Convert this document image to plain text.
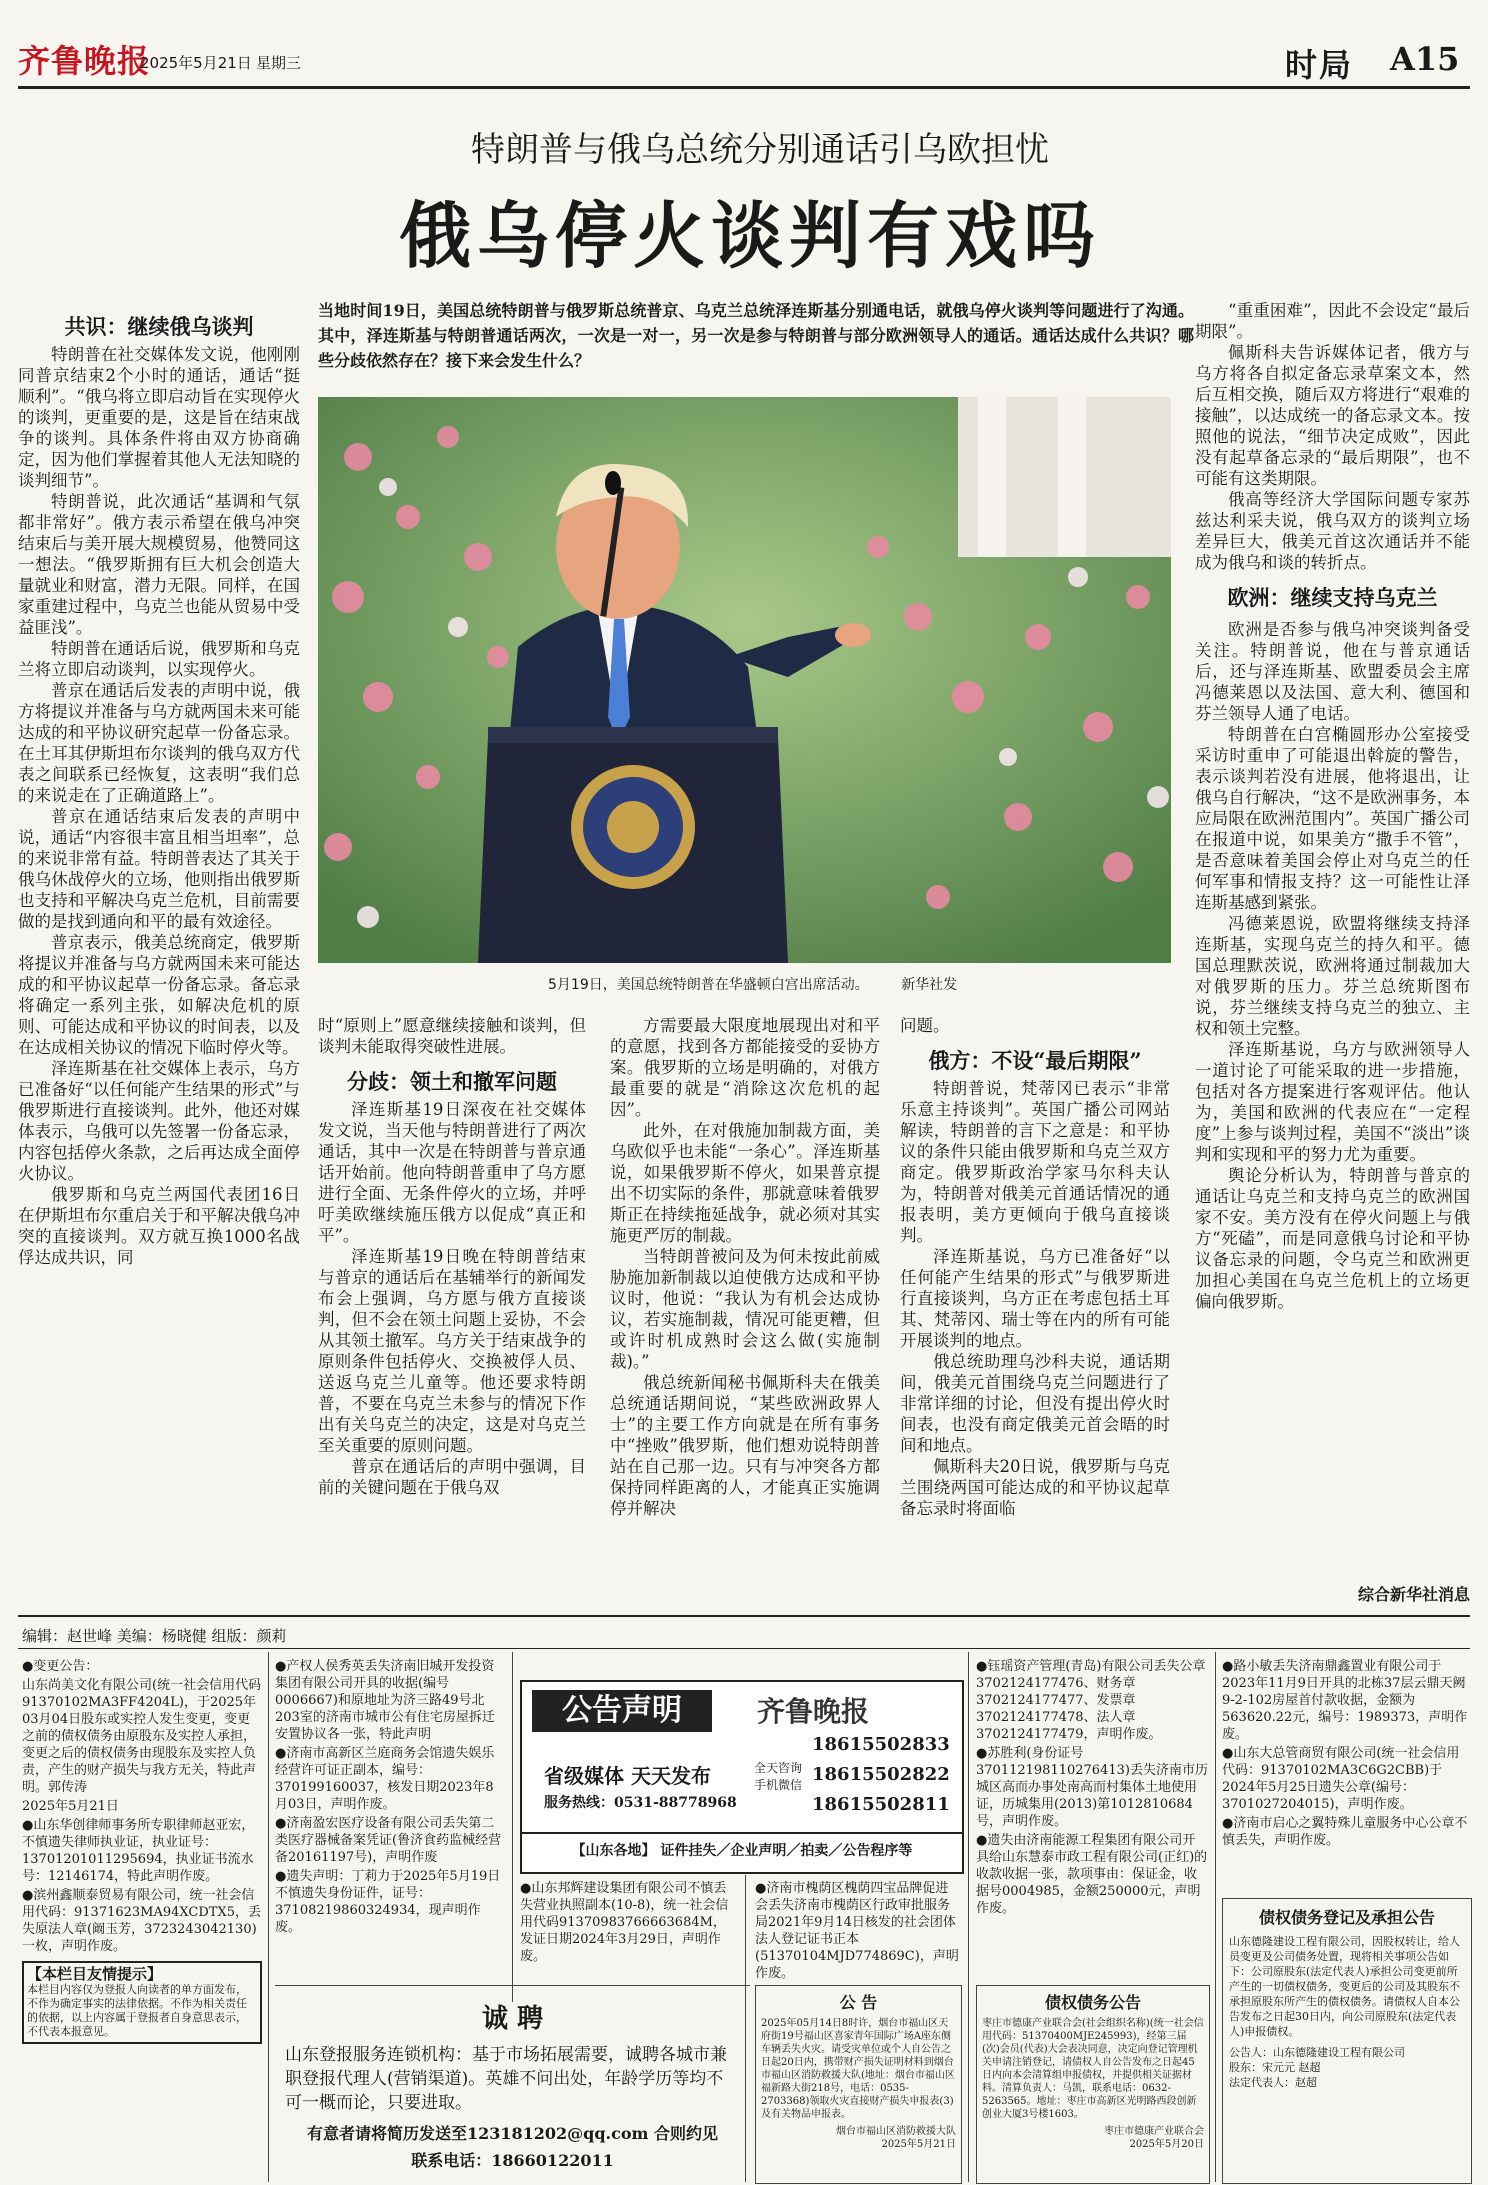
齐鲁晚报
2025年5月21日 星期三	时局 A15
特朗普与俄乌总统分别通话引乌欧担忧
俄乌停火谈判有戏吗
当地时间19日，美国总统特朗普与俄罗斯总统普京、乌克兰总统泽连斯基分别通电话，就俄乌停火谈判等问题进行了沟通。其中，泽连斯基与特朗普通话两次，一次是一对一，另一次是参与特朗普与部分欧洲领导人的通话。通话达成什么共识？哪些分歧依然存在？接下来会发生什么？
5月19日，美国总统特朗普在华盛顿白宫出席活动。 新华社发
共识：继续俄乌谈判

特朗普在社交媒体发文说，他刚刚同普京结束2个小时的通话，通话“挺顺利”。“俄乌将立即启动旨在实现停火的谈判，更重要的是，这是旨在结束战争的谈判。具体条件将由双方协商确定，因为他们掌握着其他人无法知晓的谈判细节”。

特朗普说，此次通话“基调和气氛都非常好”。俄方表示希望在俄乌冲突结束后与美开展大规模贸易，他赞同这一想法。“俄罗斯拥有巨大机会创造大量就业和财富，潜力无限。同样，在国家重建过程中，乌克兰也能从贸易中受益匪浅”。

特朗普在通话后说，俄罗斯和乌克兰将立即启动谈判，以实现停火。

普京在通话后发表的声明中说，俄方将提议并准备与乌方就两国未来可能达成的和平协议研究起草一份备忘录。在土耳其伊斯坦布尔谈判的俄乌双方代表之间联系已经恢复，这表明“我们总的来说走在了正确道路上”。

普京在通话结束后发表的声明中说，通话“内容很丰富且相当坦率”，总的来说非常有益。特朗普表达了其关于俄乌休战停火的立场，他则指出俄罗斯也支持和平解决乌克兰危机，目前需要做的是找到通向和平的最有效途径。

普京表示，俄美总统商定，俄罗斯将提议并准备与乌方就两国未来可能达成的和平协议起草一份备忘录。备忘录将确定一系列主张，如解决危机的原则、可能达成和平协议的时间表，以及在达成相关协议的情况下临时停火等。

泽连斯基在社交媒体上表示，乌方已准备好“以任何能产生结果的形式”与俄罗斯进行直接谈判。此外，他还对媒体表示，乌俄可以先签署一份备忘录，内容包括停火条款，之后再达成全面停火协议。

俄罗斯和乌克兰两国代表团16日在伊斯坦布尔重启关于和平解决俄乌冲突的直接谈判。双方就互换1000名战俘达成共识，同

时“原则上”愿意继续接触和谈判，但谈判未能取得突破性进展。
分歧：领土和撤军问题

泽连斯基19日深夜在社交媒体发文说，当天他与特朗普进行了两次通话，其中一次是在特朗普与普京通话开始前。他向特朗普重申了乌方愿进行全面、无条件停火的立场，并呼吁美欧继续施压俄方以促成“真正和平”。

泽连斯基19日晚在特朗普结束与普京的通话后在基辅举行的新闻发布会上强调，乌方愿与俄方直接谈判，但不会在领土问题上妥协，不会从其领土撤军。乌方关于结束战争的原则条件包括停火、交换被俘人员、送返乌克兰儿童等。他还要求特朗普，不要在乌克兰未参与的情况下作出有关乌克兰的决定，这是对乌克兰至关重要的原则问题。

普京在通话后的声明中强调，目前的关键问题在于俄乌双

方需要最大限度地展现出对和平的意愿，找到各方都能接受的妥协方案。俄罗斯的立场是明确的，对俄方最重要的就是“消除这次危机的起因”。

此外，在对俄施加制裁方面，美乌欧似乎也未能“一条心”。泽连斯基说，如果俄罗斯不停火，如果普京提出不切实际的条件，那就意味着俄罗斯正在持续拖延战争，就必须对其实施更严厉的制裁。

当特朗普被问及为何未按此前威胁施加新制裁以迫使俄方达成和平协议时，他说：“我认为有机会达成协议，若实施制裁，情况可能更糟，但或许时机成熟时会这么做(实施制裁)。”

俄总统新闻秘书佩斯科夫在俄美总统通话期间说，“某些欧洲政界人士”的主要工作方向就是在所有事务中“挫败”俄罗斯，他们想劝说特朗普站在自己那一边。只有与冲突各方都保持同样距离的人，才能真正实施调停并解决

问题。
俄方：不设“最后期限”

特朗普说，梵蒂冈已表示“非常乐意主持谈判”。英国广播公司网站解读，特朗普的言下之意是：和平协议的条件只能由俄罗斯和乌克兰双方商定。俄罗斯政治学家马尔科夫认为，特朗普对俄美元首通话情况的通报表明，美方更倾向于俄乌直接谈判。

泽连斯基说，乌方已准备好“以任何能产生结果的形式”与俄罗斯进行直接谈判，乌方正在考虑包括土耳其、梵蒂冈、瑞士等在内的所有可能开展谈判的地点。

俄总统助理乌沙科夫说，通话期间，俄美元首围绕乌克兰问题进行了非常详细的讨论，但没有提出停火时间表，也没有商定俄美元首会晤的时间和地点。

佩斯科夫20日说，俄罗斯与乌克兰围绕两国可能达成的和平协议起草备忘录时将面临

“重重困难”，因此不会设定“最后期限”。

佩斯科夫告诉媒体记者，俄方与乌方将各自拟定备忘录草案文本，然后互相交换，随后双方将进行“艰难的接触”，以达成统一的备忘录文本。按照他的说法，“细节决定成败”，因此没有起草备忘录的“最后期限”，也不可能有这类期限。

俄高等经济大学国际问题专家苏兹达利采夫说，俄乌双方的谈判立场差异巨大，俄美元首这次通话并不能成为俄乌和谈的转折点。

欧洲：继续支持乌克兰

欧洲是否参与俄乌冲突谈判备受关注。特朗普说，他在与普京通话后，还与泽连斯基、欧盟委员会主席冯德莱恩以及法国、意大利、德国和芬兰领导人通了电话。

特朗普在白宫椭圆形办公室接受采访时重申了可能退出斡旋的警告，表示谈判若没有进展，他将退出，让俄乌自行解决，“这不是欧洲事务，本应局限在欧洲范围内”。英国广播公司在报道中说，如果美方“撒手不管”，是否意味着美国会停止对乌克兰的任何军事和情报支持？这一可能性让泽连斯基感到紧张。

冯德莱恩说，欧盟将继续支持泽连斯基，实现乌克兰的持久和平。德国总理默茨说，欧洲将通过制裁加大对俄罗斯的压力。芬兰总统斯图布说，芬兰继续支持乌克兰的独立、主权和领土完整。

泽连斯基说，乌方与欧洲领导人一道讨论了可能采取的进一步措施，包括对各方提案进行客观评估。他认为，美国和欧洲的代表应在“一定程度”上参与谈判过程，美国不“淡出”谈判和实现和平的努力尤为重要。

舆论分析认为，特朗普与普京的通话让乌克兰和支持乌克兰的欧洲国家不安。美方没有在停火问题上与俄方“死磕”，而是同意俄乌讨论和平协议备忘录的问题，令乌克兰和欧洲更加担心美国在乌克兰危机上的立场更偏向俄罗斯。

综合新华社消息
编辑：赵世峰 美编：杨晓健 组版：颜莉

●变更公告：

山东尚美文化有限公司(统一社会信用代码91370102MA3FF4204L)，于2025年03月04日股东或实控人发生变更，变更之前的债权债务由原股东及实控人承担，变更之后的债权债务由现股东及实控人负责，产生的财产损失与我方无关，特此声明。郭传涛

2025年5月21日

●山东华创律师事务所专职律师赵亚宏，不慎遗失律师执业证，执业证号：13701201011295694，执业证书流水号：12146174，特此声明作废。

●滨州鑫顺泰贸易有限公司，统一社会信用代码：91371623MA94XCDTX5，丢失原法人章(阚玉芳，3723243042130)一枚，声明作废。

【本栏目友情提示】
本栏目内容仅为登报人向读者的单方面发布，不作为确定事实的法律依据。不作为相关责任的依据，以上内容属于登报者自身意思表示，不代表本报意见。

●产权人侯秀英丢失济南旧城开发投资集团有限公司开具的收据(编号0006667)和原地址为济三路49号北203室的济南市城市公有住宅房屋拆迁安置协议各一张，特此声明

●济南市高新区兰庭商务会馆遗失娱乐经营许可证正副本，编号：370199160037，核发日期2023年8月03日，声明作废。

●济南盈宏医疗设备有限公司丢失第二类医疗器械备案凭证(鲁济食药监械经营备20161197号)，声明作废

●遗失声明：丁莉力于2025年5月19日不慎遗失身份证件，证号：37108219860324934，现声明作废。

公告声明	齐鲁晚报
省级媒体 天天发布
服务热线：0531-88778968
全天咨询 手机微信
18615502833
18615502822
18615502811
【山东各地】 证件挂失／企业声明／拍卖／公告程序等

●山东邦辉建设集团有限公司不慎丢失营业执照副本(10-8)，统一社会信用代码91370983766663684M，发证日期2024年3月29日，声明作废。

●济南市槐荫区槐荫四宝品牌促进会丢失济南市槐荫区行政审批服务局2021年9月14日核发的社会团体法人登记证书正本(51370104MJD774869C)，声明作废。

诚 聘
山东登报服务连锁机构：基于市场拓展需要，诚聘各城市兼职登报代理人(营销渠道)。英雄不问出处，年龄学历等均不可一概而论，只要进取。
有意者请将简历发送至123181202@qq.com 合则约见
联系电话：18660122011
公 告
2025年05月14日8时许，烟台市福山区天府街19号福山区喜家青年国际广场A座东侧车辆丢失火灾。请受灾单位或个人自公告之日起20日内，携带财产损失证明材料到烟台市福山区消防救援大队(地址：烟台市福山区福新路大街218号，电话：0535-2703368)领取火灾直接财产损失申报表(3)及有关物品申报表。
烟台市福山区消防救援大队
2025年5月21日

●钰瑶资产管理(青岛)有限公司丢失公章3702124177476、财务章3702124177477、发票章3702124177478、法人章3702124177479，声明作废。

●苏胜利(身份证号370112198110276413)丢失济南市历城区高而办事处南高而村集体土地使用证，历城集用(2013)第1012810684号，声明作废。

●遗失由济南能源工程集团有限公司开具给山东慧泰市政工程有限公司(正红)的收款收据一张，款项事由：保证金，收据号0004985，金额250000元，声明作废。

债权债务公告
枣庄市德康产业联合会(社会组织名称)(统一社会信用代码：51370400MJE245993)，经第三届(次)会员(代表)大会表决同意，决定向登记管理机关申请注销登记，请债权人自公告发布之日起45日内向本会清算组申报债权，并提供相关证据材料。清算负责人：马凯，联系电话：0632-5263565。地址：枣庄市高新区光明路西段创新创业大厦3号楼1603。
枣庄市德康产业联合会
2025年5月20日

●路小敏丢失济南鼎鑫置业有限公司于2023年11月9日开具的北栋37层云鼎天阙9-2-102房屋首付款收据，金额为563620.22元，编号：1989373，声明作废。

●山东大总管商贸有限公司(统一社会信用代码：91370102MA3C6G2CBB)于2024年5月25日遗失公章(编号：3701027204015)，声明作废。

●济南市启心之翼特殊儿童服务中心公章不慎丢失，声明作废。

债权债务登记及承担公告
山东德隆建设工程有限公司，因股权转让，给人员变更及公司债务处置，现将相关事项公告如下：公司原股东(法定代表人)承担公司变更前所产生的一切债权债务，变更后的公司及其股东不承担原股东所产生的债权债务。请债权人自本公告发布之日起30日内，向公司原股东(法定代表人)申报债权。
公告人：山东德隆建设工程有限公司
股东：宋元元 赵超
法定代表人：赵超
